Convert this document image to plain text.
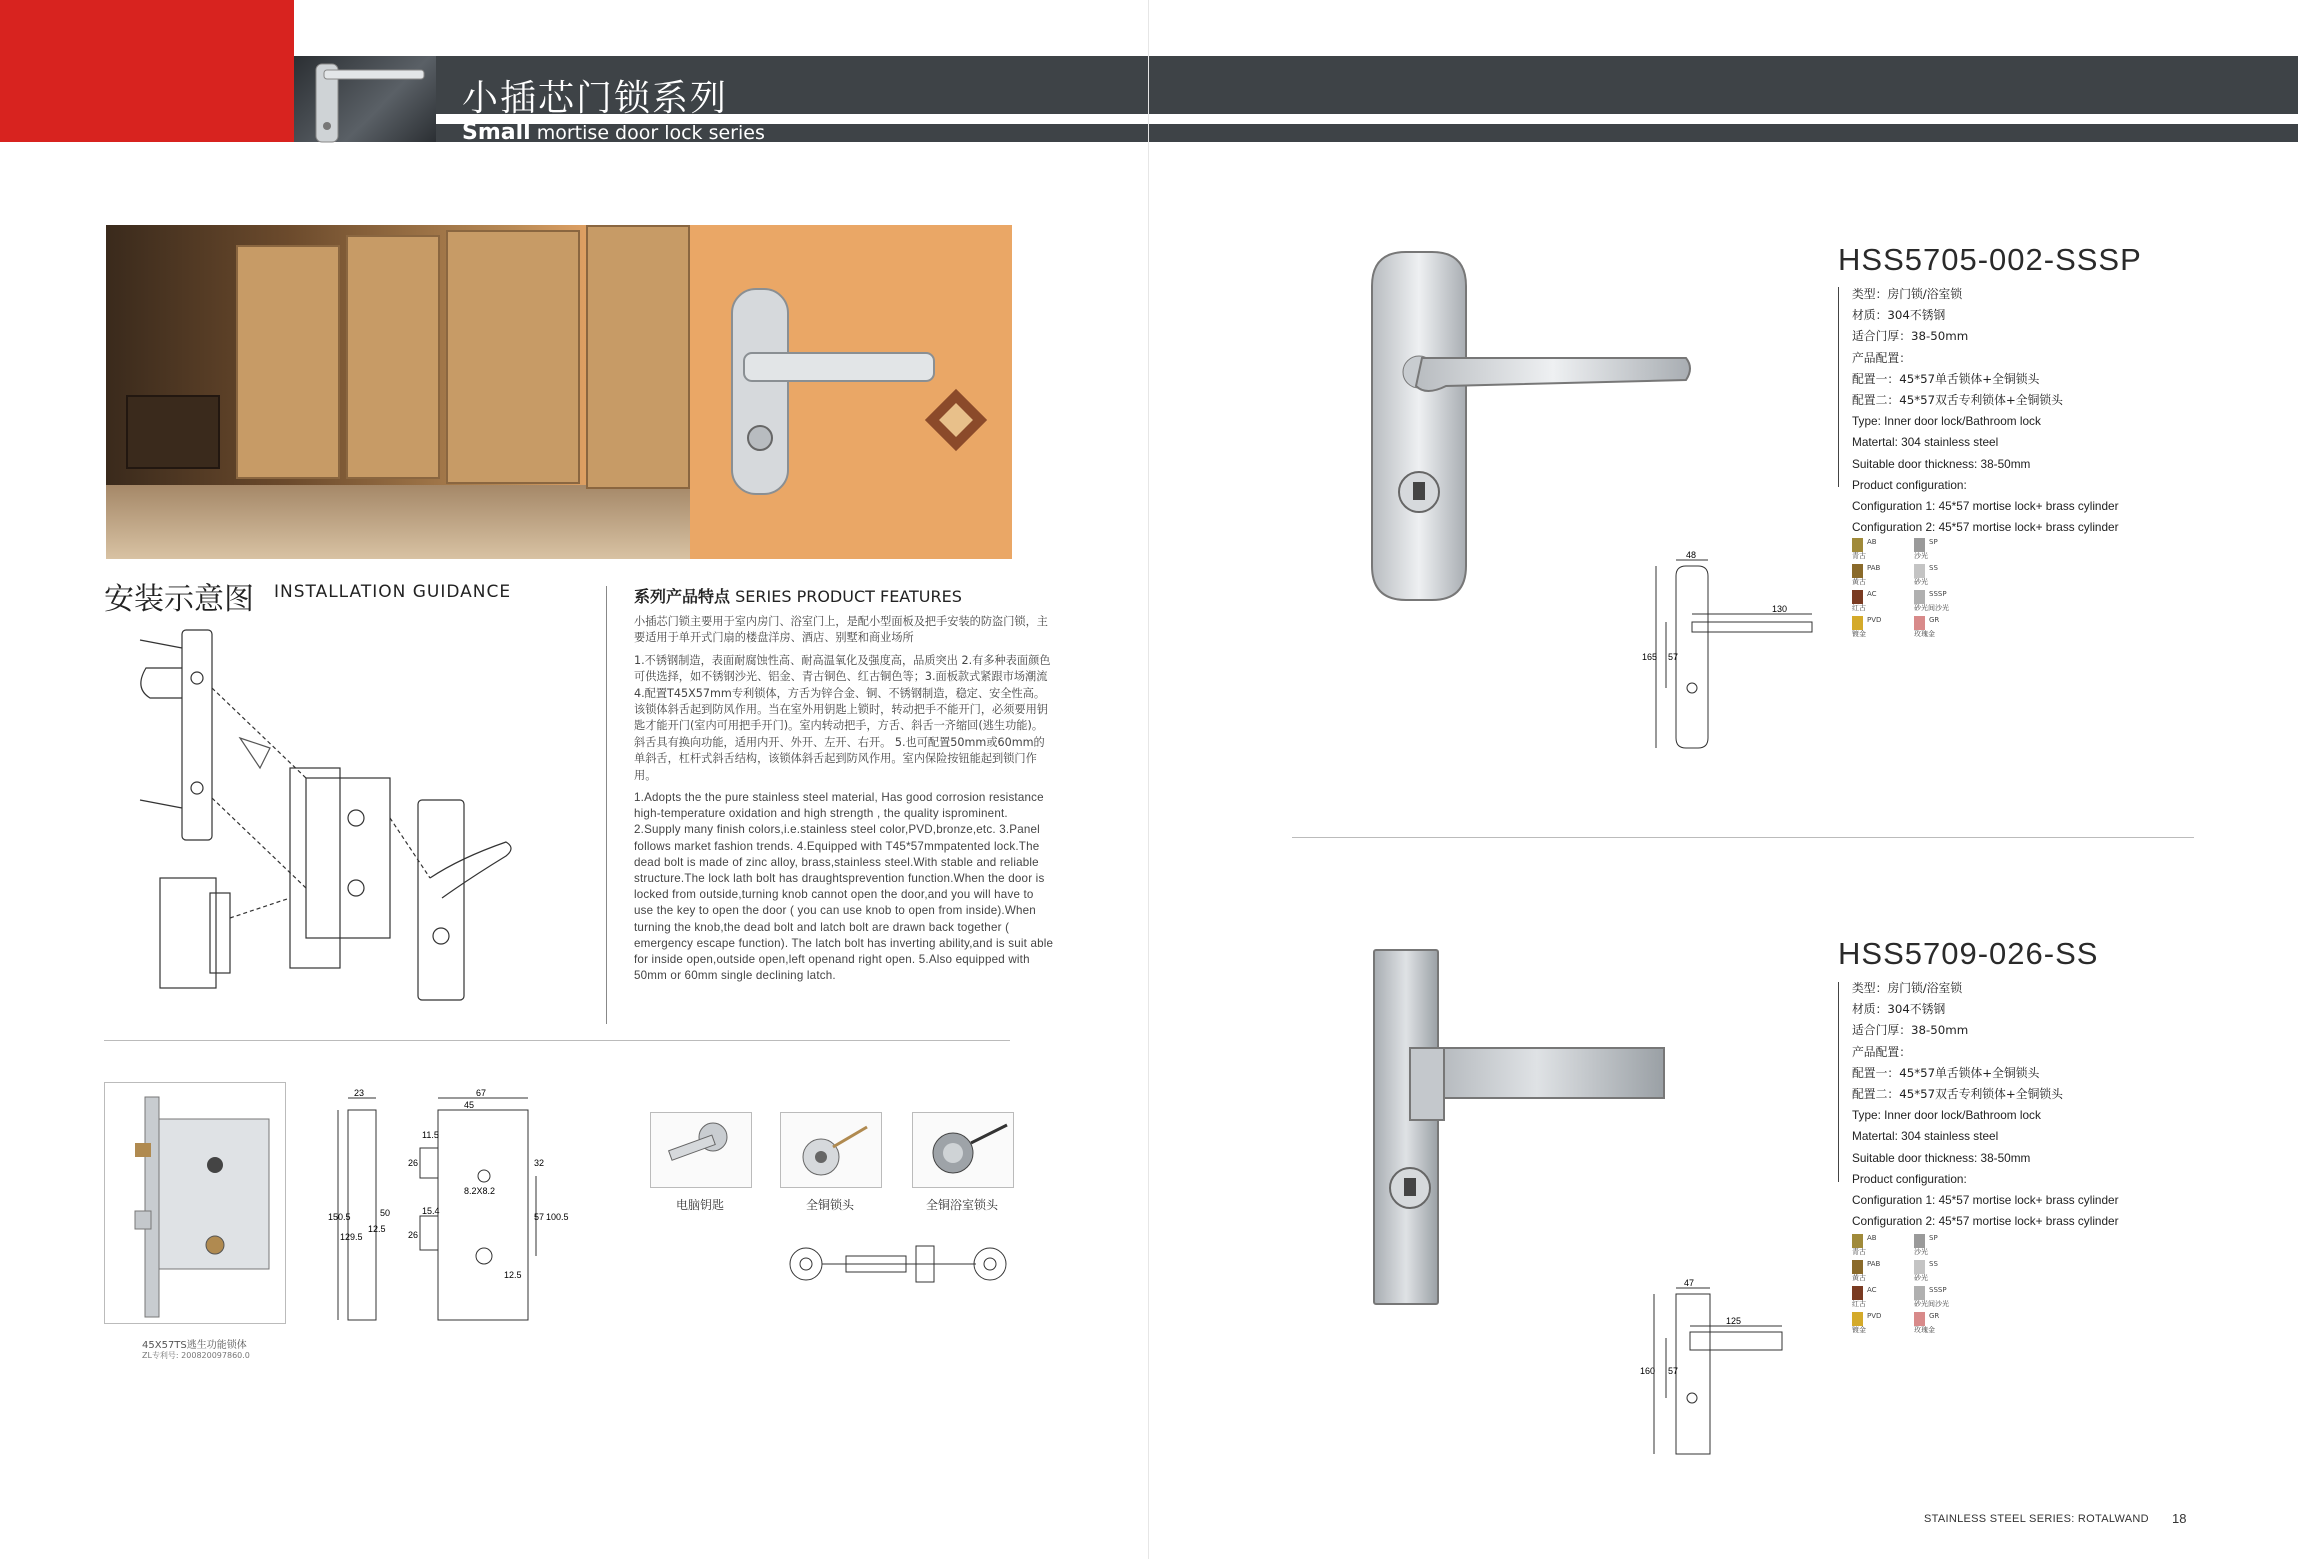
小插芯门锁系列
Small mortise door lock series
安装示意图 INSTALLATION GUIDANCE	系列产品特点 SERIES PRODUCT FEATURES

小插芯门锁主要用于室内房门、浴室门上，是配小型面板及把手安装的防盗门锁，主要适用于单开式门扇的楼盘洋房、酒店、别墅和商业场所

1.不锈钢制造，表面耐腐蚀性高、耐高温氧化及强度高，品质突出 2.有多种表面颜色可供选择，如不锈钢沙光、铝金、青古铜色、红古铜色等；3.面板款式紧跟市场潮流 4.配置T45X57mm专利锁体，方舌为锌合金、铜、不锈钢制造，稳定、安全性高。该锁体斜舌起到防风作用。当在室外用钥匙上锁时，转动把手不能开门，必须要用钥匙才能开门(室内可用把手开门)。室内转动把手，方舌、斜舌一齐缩回(逃生功能)。斜舌具有换向功能，适用内开、外开、左开、右开。 5.也可配置50mm或60mm的单斜舌，杠杆式斜舌结构，该锁体斜舌起到防风作用。室内保险按钮能起到锁门作用。

1.Adopts the the pure stainless steel material, Has good corrosion resistance high-temperature oxidation and high strength , the quality isprominent. 2.Supply many finish colors,i.e.stainless steel color,PVD,bronze,etc. 3.Panel follows market fashion trends. 4.Equipped with T45*57mmpatented lock.The dead bolt is made of zinc alloy, brass,stainless steel.With stable and reliable structure.The lock lath bolt has draughtsprevention function.When the door is locked from outside,turning knob cannot open the door,and you will have to use the key to open the door ( you can use knob to open from inside).When turning the knob,the dead bolt and latch bolt are drawn back together ( emergency escape function). The latch bolt has inverting ability,and is suit able for inside open,outside open,left openand right open. 5.Also equipped with 50mm or 60mm single declining latch.

45X57TS逃生功能锁体
ZL专利号: 200820097860.0
23	67
45
11.5
26	32
57 100.5
150.5
129.5
50	15.4
8.2X8.2
26
12.5
12.5
电脑钥匙	全铜锁头	全铜浴室锁头
HSS5705-002-SSSP
类型：房门锁/浴室锁
材质：304不锈钢
适合门厚：38-50mm
产品配置：
配置一：45*57单舌锁体+全铜锁头
配置二：45*57双舌专利锁体+全铜锁头
Type: Inner door lock/Bathroom lock
Matertal: 304 stainless steel
Suitable door thickness: 38-50mm
Product configuration:
Configuration 1: 45*57 mortise lock+ brass cylinder
Configuration 2: 45*57 mortise lock+ brass cylinder
AB
青古
SP
沙光
PAB
黄古
SS
砂光
AC
红古
SSSP
砂光间沙光
PVD
镀金
GR
玫瑰金
48
130
165 57
HSS5709-026-SS
类型：房门锁/浴室锁
材质：304不锈钢
适合门厚：38-50mm
产品配置：
配置一：45*57单舌锁体+全铜锁头
配置二：45*57双舌专利锁体+全铜锁头
Type: Inner door lock/Bathroom lock
Matertal: 304 stainless steel
Suitable door thickness: 38-50mm
Product configuration:
Configuration 1: 45*57 mortise lock+ brass cylinder
Configuration 2: 45*57 mortise lock+ brass cylinder
AB
青古
SP
沙光
PAB
黄古
SS
砂光
AC
红古
SSSP
砂光间沙光
PVD
镀金
GR
玫瑰金
47
125
160 57
STAINLESS STEEL SERIES: ROTALWAND 18
